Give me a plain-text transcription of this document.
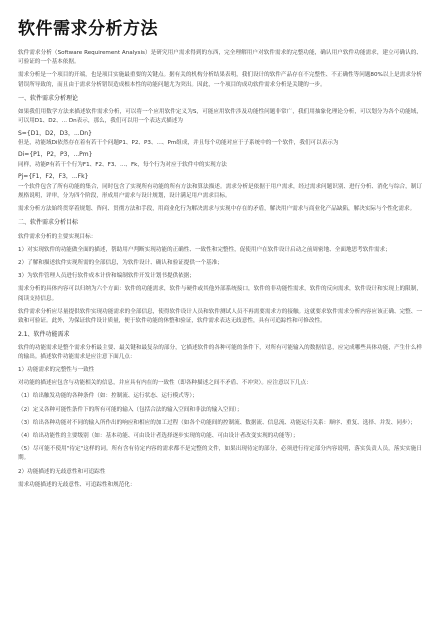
软件需求分析方法

软件需求分析（Software Requirement Analysis）是研究用户需求得到的东西，完全理解用户对软件需求的完整功能，确认用户软件功能需求，建立可确认的、可验证的一个基本依据。

需求分析是一个项目的开端，也是项目实施最重要的关键点。据有关的机构分析结果表明，我们设计的软件产品存在不完整性、不正确性等问题80%以上是需求分析错误所导致的，而且由于需求分析错误造成根本性的功能问题尤为突出。因此，一个项目的成功软件需求分析是关键的一步。

一、软件需求分析理论

如果我们用数学方法来描述软件需求分析，可以将一个应用软件定义为S，可能应用软件涉及功能性问题非常广，我们用抽象化理论分析，可以划分为各个功能域，可以用D1、D2、... Dn表示，那么，我们可以用一个表达式描述为

S={D1，D2，D3，...Dn}

但是，功能域Di依然存在着有若干个问题P1、P2、P3、...、Pm组成，并且每个功能对应于子系统中的一个软件，我们可以表示为

Di={P1，P2，P3，...Pm}

同样，功能P有若干个行为F1、F2、F3、...、Fk，每个行为对应于软件中的实现方法

Pj={F1，F2，F3，...Fk}

一个软件包含了所有功能的集合，同时包含了实现所有功能的所有方法和算法描述。需求分析是依据于用户需求，经过需求问题识别、进行分析、消化与综合，制订规格说明，评审，分为四个阶段，形成用户需求与设计规划，设计满足用户需求目标。

需求分析方法始终贯穿着规划、咨问、贯彻方法和手段，用商业化行为解决需求与实现中存在的矛盾，解决用户需求与商业化产品缺陷，解决实际与个性化需求。

二、软件需求分析目标

软件需求分析的主要实现目标：

1）对实现软件的功能做全面的描述，帮助用户判断实现功能的正确性、一致性和完整性，促使用户在软件设计启动之前周密地、全面地思考软件需求；

2）了解和描述软件实现所需的全部信息，为软件设计、确认和验证提供一个基准；

3）为软件管理人员进行软件成本计价和编制软件开发计划书提供依据；

需求分析的具体内容可以归纳为六个方面：软件的功能需求，软件与硬件或其他外部系统接口，软件的非功能性需求，软件的反向需求，软件设计和实现上的限制，阅读支持信息。

软件需求分析应尽量提供软件实现功能需求的全部信息，使得软件设计人员和软件测试人员不再需要需求方的接触。这就要求软件需求分析内容应该正确、完整、一致和可验证。此外，为保证软件设计质量，便于软件功能的休整和验证，软件需求表达无歧意性，具有可追踪性和可修改性。

2.1、软件功能需求

软件的功能需求是整个需求分析最主要、最关键和最复杂的部分，它描述软件的各种可能的条件下，对所有可能输入的数据信息，应完成哪些具体功能，产生什么样的输出。描述软件功能需求是应注意下面几点：

1）功能需求的完整性与一致性

对功能的描述应包含与功能相关的信息，并应具有内在的一致性（即各种描述之间不矛盾、不冲突）。应注意以下几点：

（1）给出触发功能的各种条件（如：控制流、运行状态、运行模式等）；

（2）定义各种可能性条件下的所有可能的输入（包括合法的输入空间和非法的输入空间）；

（3）给出各种功能对不同的输入所作出的响应和相应的加工过程（如各个功能间的控制流、数据流、信息流、功能运行关系：顺序、重复、选择、并发、同步）；

（4）给出功能性的主要级别（如：基本功能、可由设计者选择逐步实现的功能、可由设计者改变实现的功能等）；

（5）尽可能不使用"待定"这样的词。所有含有待定内容的需求都不是完整的文件，如果出现待定的部分，必须进行待定部分内容说明，落实负责人员，落实实施日期。

2）功能描述的无歧意性和可追踪性

需求功能描述的无歧意性、可追踪性和规范化：
